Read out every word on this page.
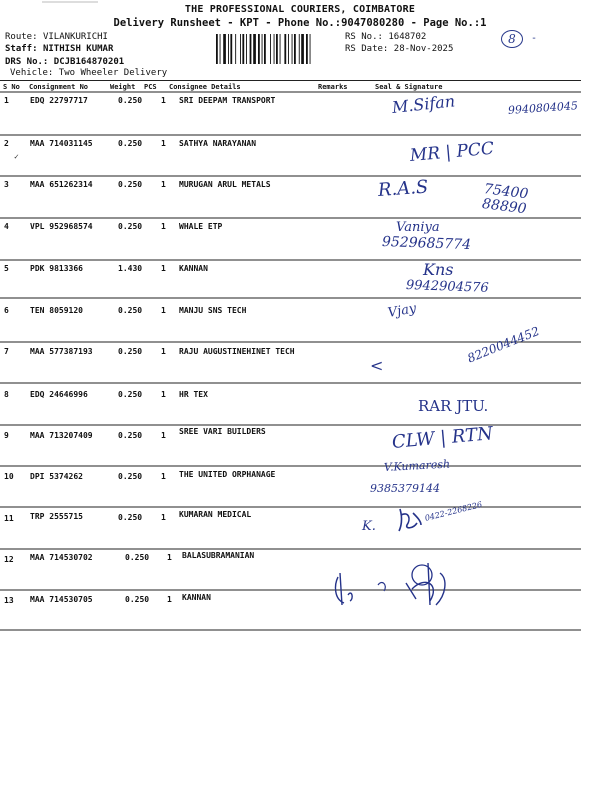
THE PROFESSIONAL COURIERS, COIMBATORE
Delivery Runsheet - KPT - Phone No.:9047080280 - Page No.:1
Route: VILANKURICHI
Staff: NITHISH KUMAR
DRS No.: DCJB164870201
Vehicle: Two Wheeler Delivery
RS No.: 1648702
RS Date: 28-Nov-2025
8	-
S No Consignment No	Weight PCS Consignee Details	Remarks	Seal & Signature
1	EDQ 22797717	0.250 1 SRI DEEPAM TRANSPORT
2	MAA 714031145	0.250 1 SATHYA NARAYANAN
3	MAA 651262314	0.250 1 MURUGAN ARUL METALS
4	VPL 952968574	0.250 1 WHALE ETP
5	PDK 9813366	1.430 1 KANNAN
6	TEN 8059120	0.250 1 MANJU SNS TECH
7	MAA 577387193	0.250 1 RAJU AUGUSTINEHINET TECH
8	EDQ 24646996	0.250 1 HR TEX
9	MAA 713207409	0.250 1 SREE VARI BUILDERS
10 DPI 5374262	0.250 1 THE UNITED ORPHANAGE
11 TRP 2555715	0.250 1 KUMARAN MEDICAL
12 MAA 714530702	0.250 1 BALASUBRAMANIAN
13 MAA 714530705	0.250 1 KANNAN
✓
M.Sifan	9940804045
MR | PCC
R.A.S	75400 88890
Vaniya
9529685774
Kns
9942904576
Vjay
<
8220044452
RAR JTU.
CLW | RTN
V.Kumaresh
9385379144
K.
0422-2268226
